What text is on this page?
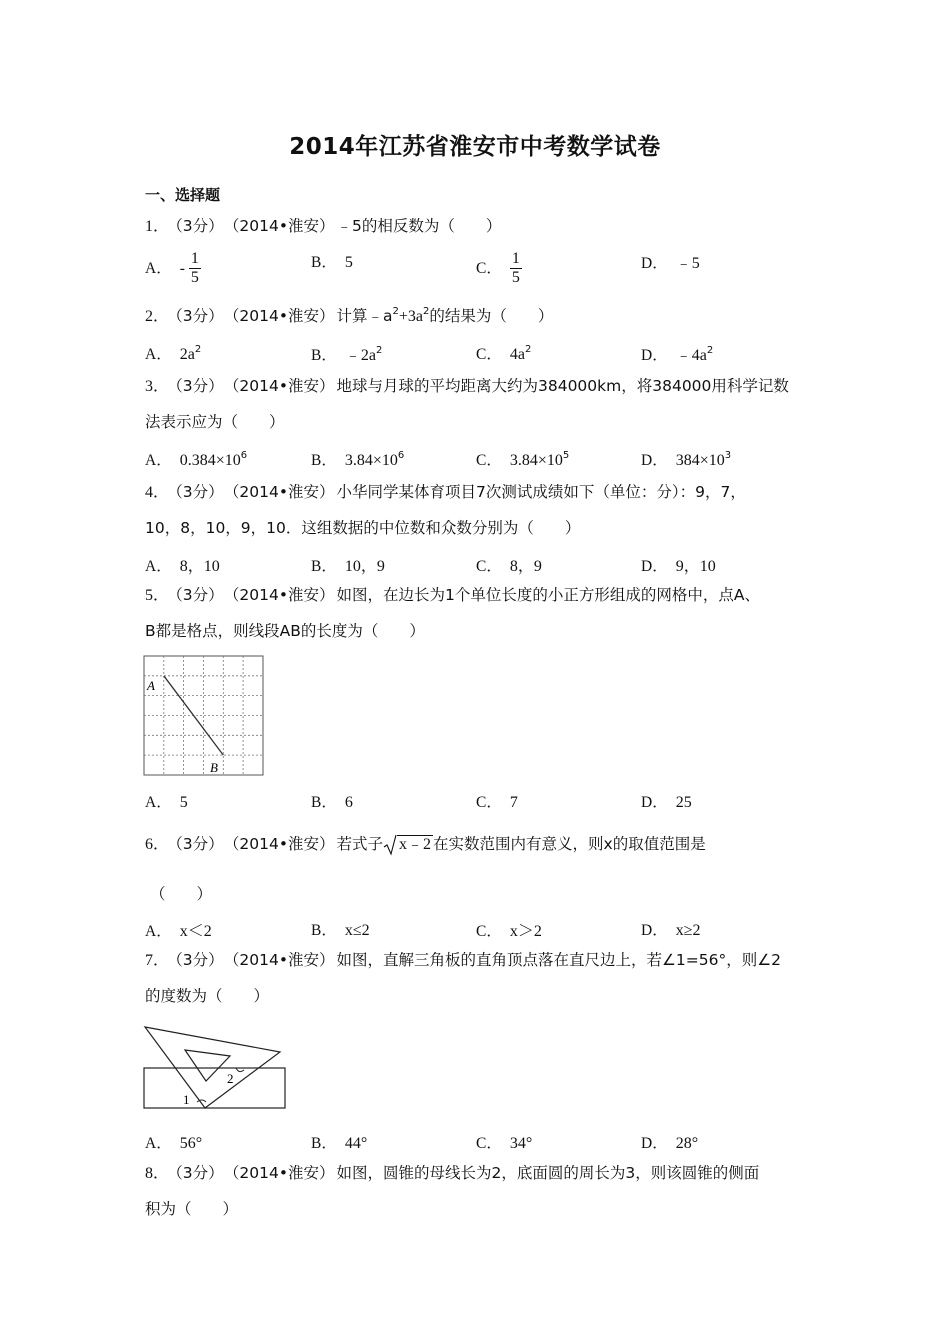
2014年江苏省淮安市中考数学试卷
一、选择题
1． （3分） （2014•淮安） ﹣5的相反数为（　　）
A． - $\frac{1}{5}$	B． 5	C． $\frac{1}{5}$	D． ﹣5
2． （3分） （2014•淮安） 计算$﹣a^2+3a^2$的结果为（　　）
A． $2a^2$	B． $﹣2a^2$	C． $4a^2$	D． $﹣4a^2$
3． （3分） （2014•淮安） 地球与月球的平均距离大约为384000km，将384000用科学记数
法表示应为（　　）
A． $0.384\times 10^6$	B． $3.84\times 10^6$	C． $3.84\times 10^5$	D． $384\times 10^3$
4． （3分） （2014•淮安） 小华同学某体育项目7次测试成绩如下（单位：分）：9，7，
10，8，10，9，10．这组数据的中位数和众数分别为（　　）
A． 8，10	B． 10，9	C． 8，9	D． 9，10
5． （3分） （2014•淮安） 如图，在边长为1个单位长度的小正方形组成的网格中，点A、
B都是格点，则线段AB的长度为（　　）
A
B
A． 5	B． 6	C． 7	D． 25
6． （3分） （2014•淮安） 若式子 x﹣2 在实数范围内有意义，则x的取值范围是
（　　）
A． x＜2	B． x≤2	C． x＞2	D． x≥2
7． （3分） （2014•淮安） 如图，直解三角板的直角顶点落在直尺边上，若∠1=56°，则∠2
的度数为（　　）
1
2
A． 56°	B． 44°	C． 34°	D． 28°
8． （3分） （2014•淮安） 如图，圆锥的母线长为2，底面圆的周长为3，则该圆锥的侧面
积为（　　）
